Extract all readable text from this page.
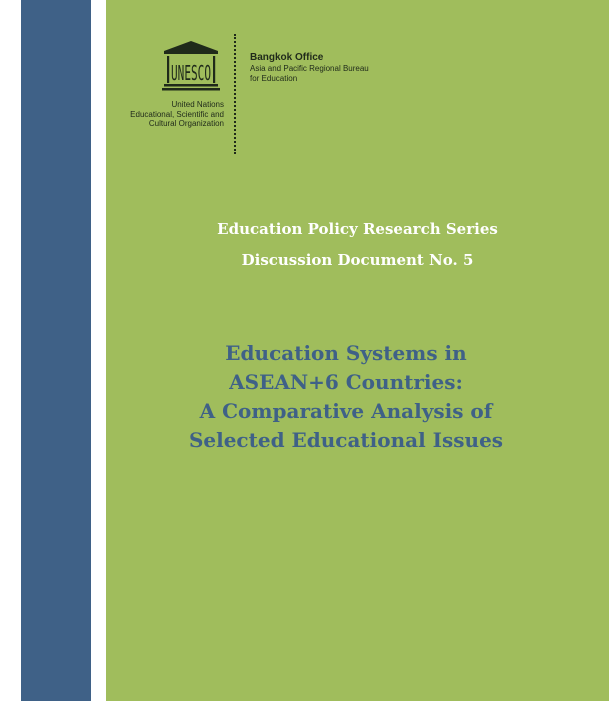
UNESCO
United Nations
Educational, Scientific and
Cultural Organization
Bangkok Office
Asia and Pacific Regional Bureau
for Education
Education Policy Research Series
Discussion Document No. 5
Education Systems in
ASEAN+6 Countries:
A Comparative Analysis of
Selected Educational Issues
